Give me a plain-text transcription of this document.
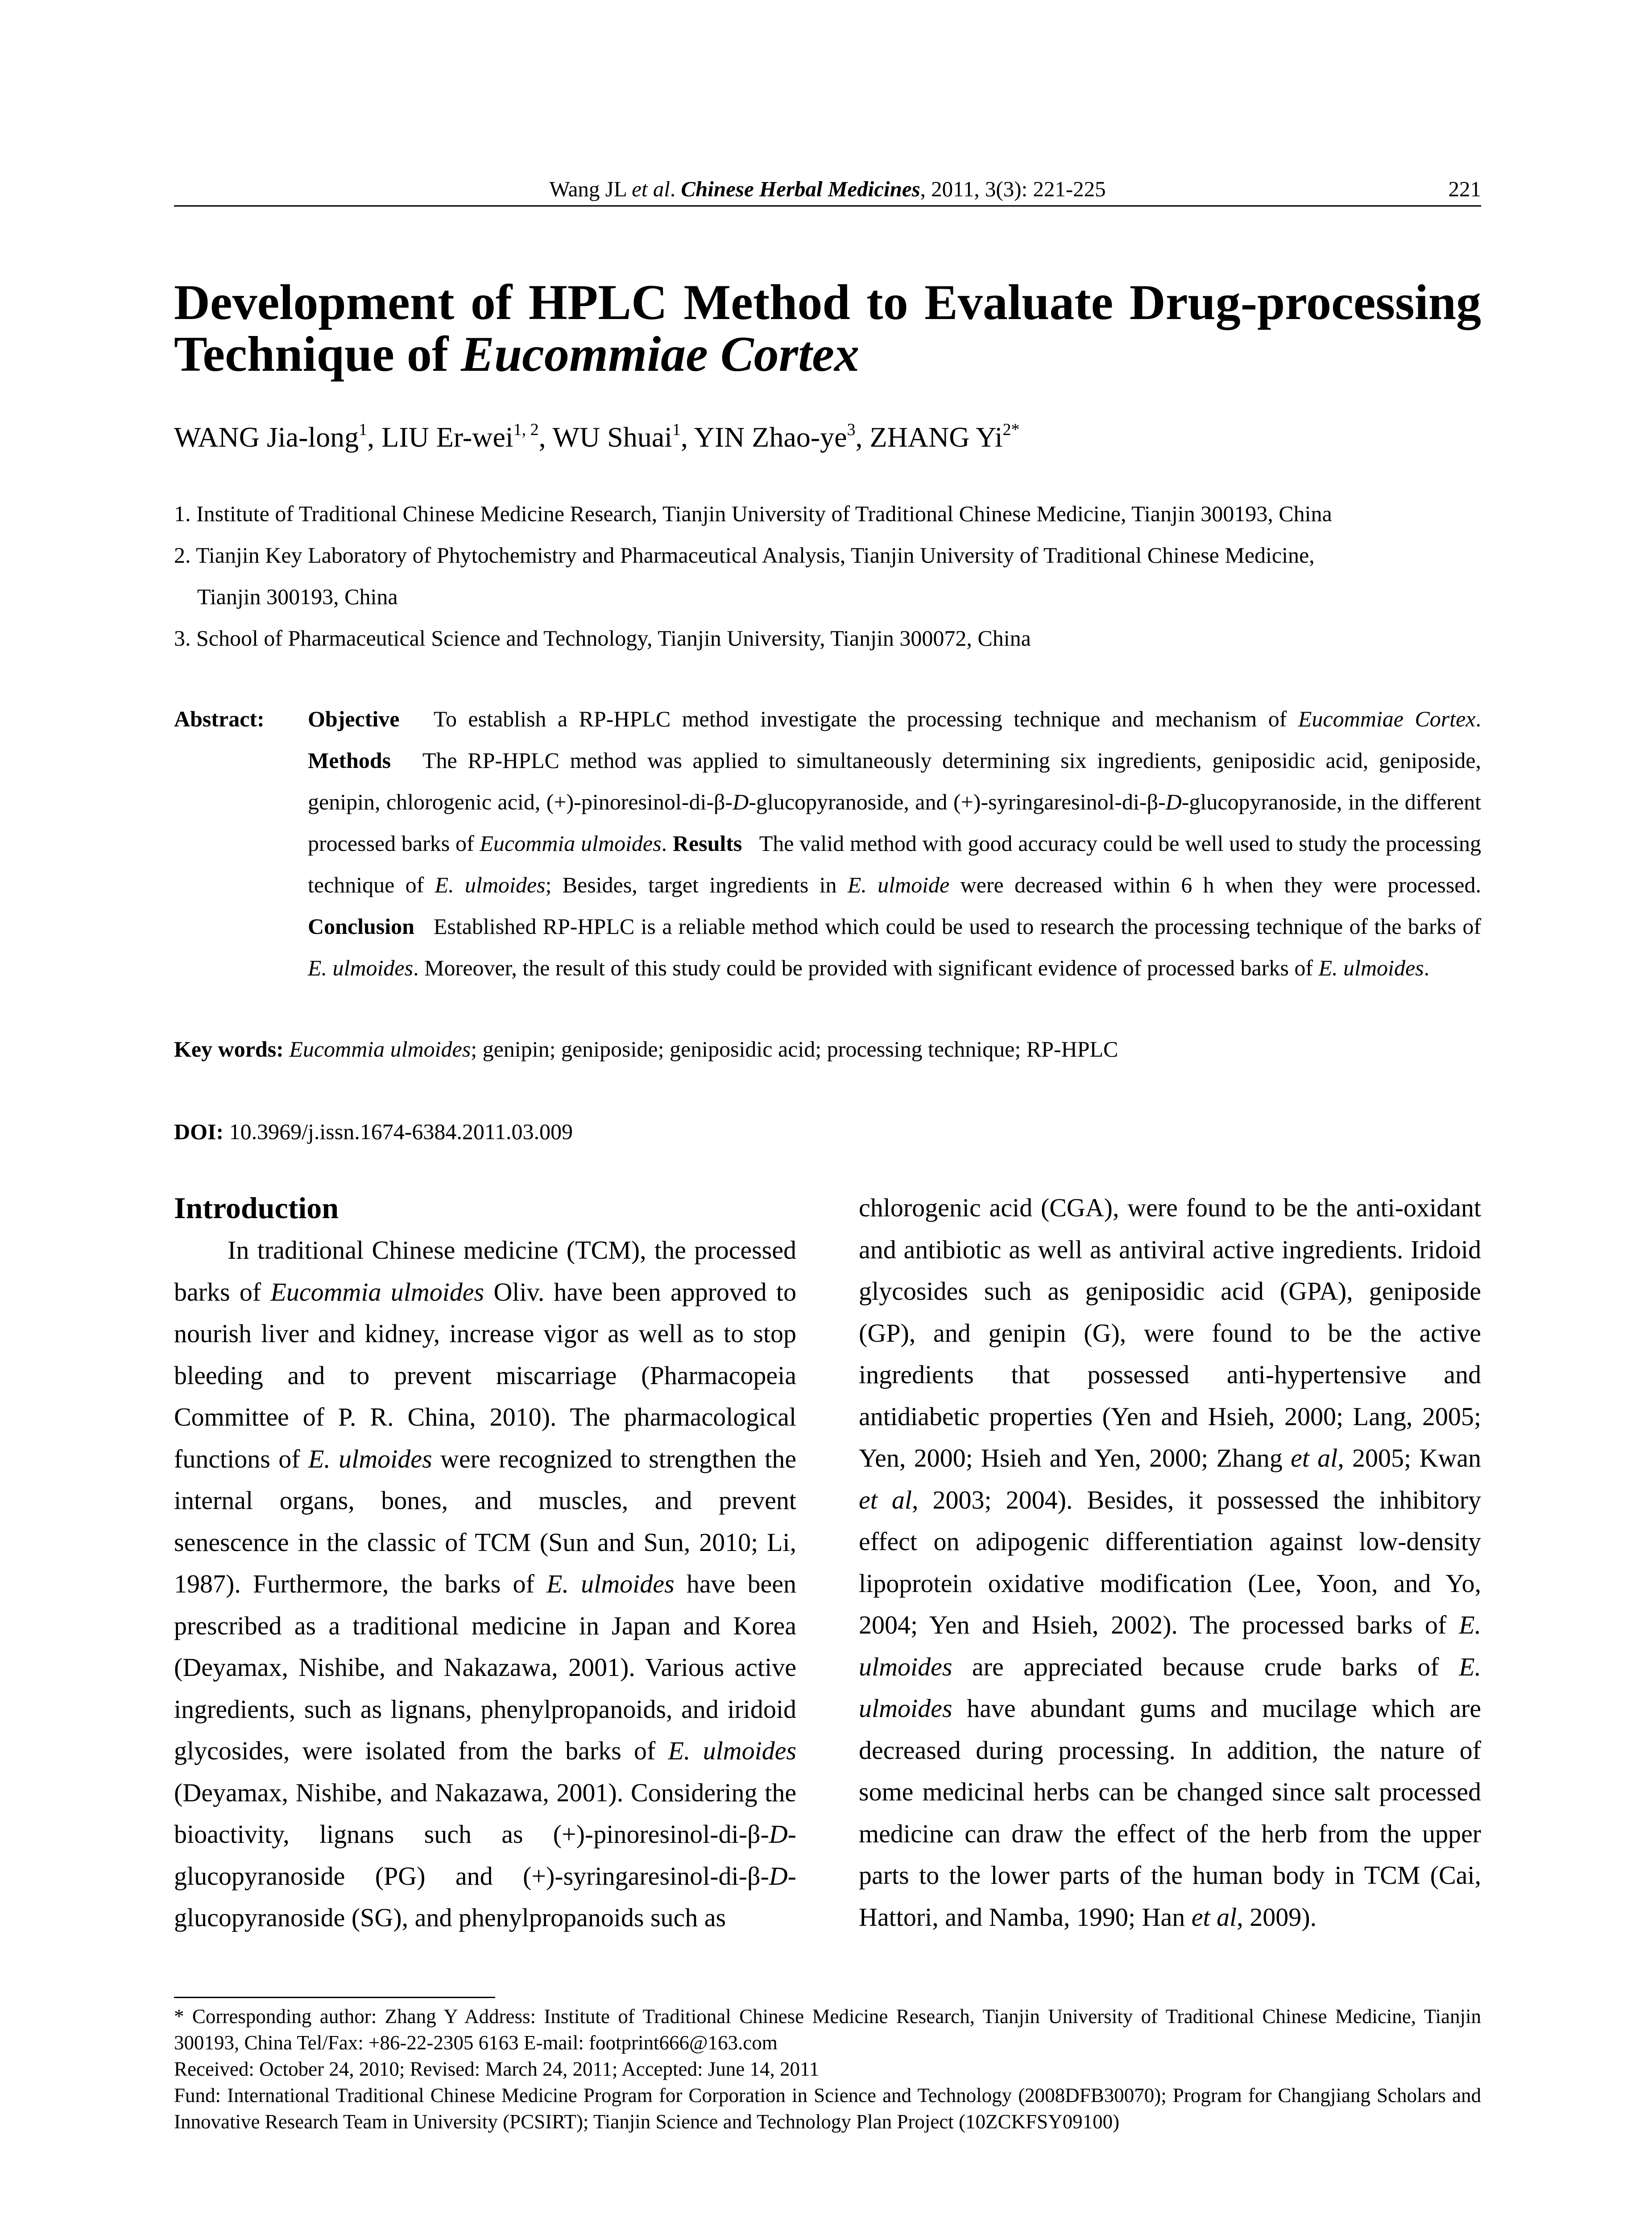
Wang JL et al. Chinese Herbal Medicines, 2011, 3(3): 221-225	221
Development of HPLC Method to Evaluate Drug-processing
Technique of Eucommiae Cortex
WANG Jia-long$^1$, LIU Er-wei$^{1, 2}$, WU Shuai$^1$, YIN Zhao-$ye^3$, ZHANG $Yi^{2*}$

1. Institute of Traditional Chinese Medicine Research, Tianjin University of Traditional Chinese Medicine, Tianjin 300193, China

2. Tianjin Key Laboratory of Phytochemistry and Pharmaceutical Analysis, Tianjin University of Traditional Chinese Medicine,

Tianjin 300193, China

3. School of Pharmaceutical Science and Technology, Tianjin University, Tianjin 300072, China

Abstract: Objective To establish a RP-HPLC method investigate the processing technique and mechanism of Eucommiae Cortex. Methods The RP-HPLC method was applied to simultaneously determining six ingredients, geniposidic acid, geniposide, genipin, chlorogenic acid, (+)-pinoresinol-di-β-D-glucopyranoside, and (+)-syringaresinol-di-β-D-glucopyranoside, in the different processed barks of Eucommia ulmoides. Results The valid method with good accuracy could be well used to study the processing technique of E. ulmoides; Besides, target ingredients in E. ulmoide were decreased within 6 h when they were processed. Conclusion Established RP-HPLC is a reliable method which could be used to research the processing technique of the barks of E. ulmoides. Moreover, the result of this study could be provided with significant evidence of processed barks of E. ulmoides.
Key words: Eucommia ulmoides; genipin; geniposide; geniposidic acid; processing technique; RP-HPLC
DOI: 10.3969/j.issn.1674-6384.2011.03.009
Introduction

In traditional Chinese medicine (TCM), the processed barks of Eucommia ulmoides Oliv. have been approved to nourish liver and kidney, increase vigor as well as to stop bleeding and to prevent miscarriage (Pharmacopeia Committee of P. R. China, 2010). The pharmacological functions of E. ulmoides were recognized to strengthen the internal organs, bones, and muscles, and prevent senescence in the classic of TCM (Sun and Sun, 2010; Li, 1987). Furthermore, the barks of E. ulmoides have been prescribed as a traditional medicine in Japan and Korea (Deyamax, Nishibe, and Nakazawa, 2001). Various active ingredients, such as lignans, phenylpropanoids, and iridoid glycosides, were isolated from the barks of E. ulmoides (Deyamax, Nishibe, and Nakazawa, 2001). Considering the bioactivity, lignans such as (+)-pinoresinol-di-β-D-glucopyranoside (PG) and (+)-syringaresinol-di-β-D-glucopyranoside (SG), and phenylpropanoids such as

chlorogenic acid (CGA), were found to be the anti-oxidant and antibiotic as well as antiviral active ingredients. Iridoid glycosides such as geniposidic acid (GPA), geniposide (GP), and genipin (G), were found to be the active ingredients that possessed anti-hypertensive and antidiabetic properties (Yen and Hsieh, 2000; Lang, 2005; Yen, 2000; Hsieh and Yen, 2000; Zhang et al, 2005; Kwan et al, 2003; 2004). Besides, it possessed the inhibitory effect on adipogenic differentiation against low-density lipoprotein oxidative modification (Lee, Yoon, and Yo, 2004; Yen and Hsieh, 2002). The processed barks of E. ulmoides are appreciated because crude barks of E. ulmoides have abundant gums and mucilage which are decreased during processing. In addition, the nature of some medicinal herbs can be changed since salt processed medicine can draw the effect of the herb from the upper parts to the lower parts of the human body in TCM (Cai, Hattori, and Namba, 1990; Han et al, 2009).

* Corresponding author: Zhang Y Address: Institute of Traditional Chinese Medicine Research, Tianjin University of Traditional Chinese Medicine, Tianjin 300193, China Tel/Fax: +86-22-2305 6163 E-mail: footprint666@163.com

Received: October 24, 2010; Revised: March 24, 2011; Accepted: June 14, 2011

Fund: International Traditional Chinese Medicine Program for Corporation in Science and Technology (2008DFB30070); Program for Changjiang Scholars and Innovative Research Team in University (PCSIRT); Tianjin Science and Technology Plan Project (10ZCKFSY09100)
